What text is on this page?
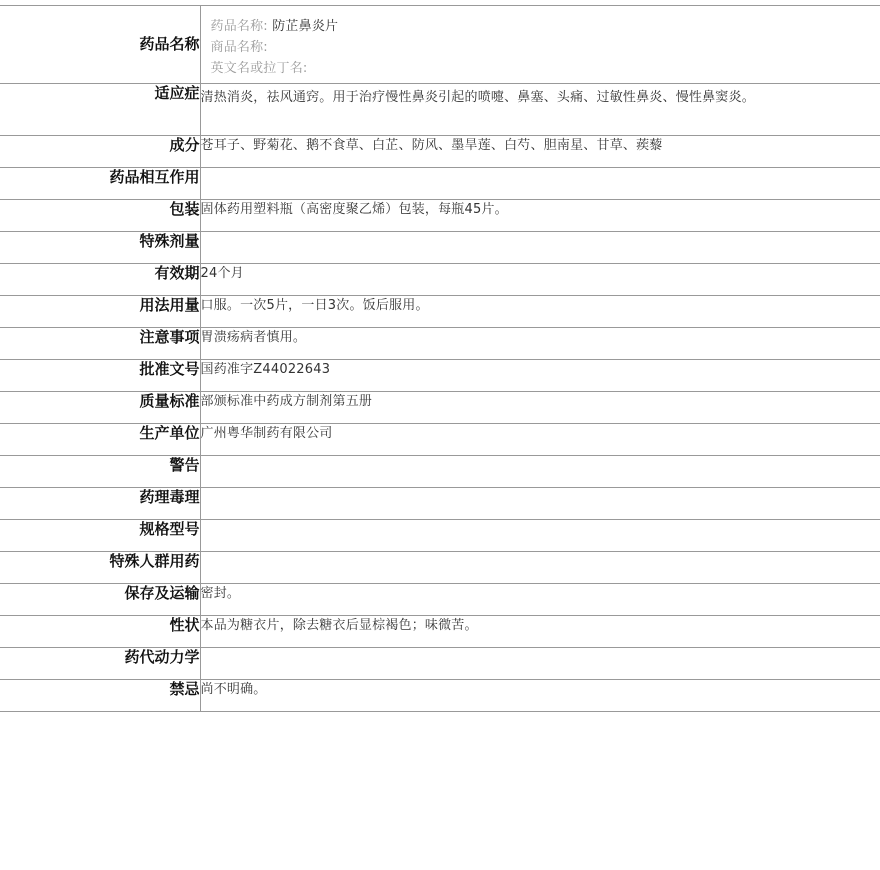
药品名称	药品名称: 防芷鼻炎片
商品名称:
英文名或拉丁名:

适应症	清热消炎，祛风通窍。用于治疗慢性鼻炎引起的喷嚏、鼻塞、头痛、过敏性鼻炎、慢性鼻窦炎。
成分	苍耳子、野菊花、鹅不食草、白芷、防风、墨旱莲、白芍、胆南星、甘草、蒺藜
药品相互作用	
包装	固体药用塑料瓶（高密度聚乙烯）包装，每瓶45片。
特殊剂量	
有效期	24个月
用法用量	口服。一次5片，一日3次。饭后服用。
注意事项	胃溃疡病者慎用。
批准文号	国药准字Z44022643
质量标准	部颁标准中药成方制剂第五册
生产单位	广州粤华制药有限公司
警告	
药理毒理	
规格型号	
特殊人群用药	
保存及运输	密封。
性状	本品为糖衣片，除去糖衣后显棕褐色；味微苦。
药代动力学	
禁忌	尚不明确。
